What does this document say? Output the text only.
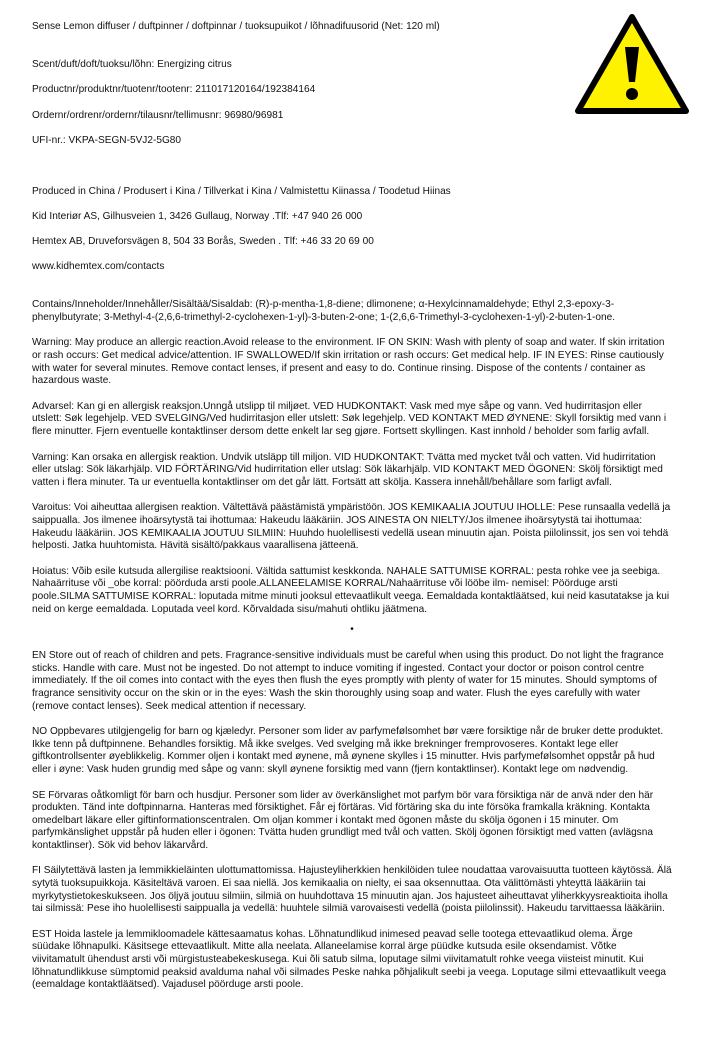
Sense Lemon diffuser / duftpinner / doftpinnar / tuoksupuikot / lõhnadifuusorid (Net: 120 ml)

Scent/duft/doft/tuoksu/lõhn: Energizing citrus

Productnr/produktnr/tuotenr/tootenr: 211017120164/192384164

Ordernr/ordrenr/ordernr/tilausnr/tellimusnr: 96980/96981

UFI-nr.: VKPA-SEGN-5VJ2-5G80

Produced in China / Produsert i Kina / Tillverkat i Kina / Valmistettu Kiinassa / Toodetud Hiinas

Kid Interiør AS, Gilhusveien 1, 3426 Gullaug, Norway .Tlf: +47 940 26 000

Hemtex AB, Druveforsvägen 8, 504 33 Borås, Sweden . Tlf: +46 33 20 69 00

www.kidhemtex.com/contacts

Contains/Inneholder/Innehåller/Sisältää/Sisaldab: (R)-p-mentha-1,8-diene; dlimonene; α-Hexylcinnamaldehyde; Ethyl 2,3-epoxy-3-phenylbutyrate; 3-Methyl-4-(2,6,6-trimethyl-2-cyclohexen-1-yl)-3-buten-2-one; 1-(2,6,6-Trimethyl-3-cyclohexen-1-yl)-2-buten-1-one.
Warning: May produce an allergic reaction.Avoid release to the environment. IF ON SKIN: Wash with plenty of soap and water. If skin irritation or rash occurs: Get medical advice/attention. IF SWALLOWED/If skin irritation or rash occurs: Get medical help. IF IN EYES: Rinse cautiously with water for several minutes. Remove contact lenses, if present and easy to do. Continue rinsing. Dispose of the contents / container as hazardous waste.
Advarsel: Kan gi en allergisk reaksjon.Unngå utslipp til miljøet. VED HUDKONTAKT: Vask med mye såpe og vann. Ved hudirritasjon eller utslett: Søk legehjelp. VED SVELGING/Ved hudirritasjon eller utslett: Søk legehjelp. VED KONTAKT MED ØYNENE: Skyll forsiktig med vann i flere minutter. Fjern eventuelle kontaktlinser dersom dette enkelt lar seg gjøre. Fortsett skyllingen. Kast innhold / beholder som farlig avfall.
Varning: Kan orsaka en allergisk reaktion. Undvik utsläpp till miljon. VID HUDKONTAKT: Tvätta med mycket tvål och vatten. Vid hudirritation eller utslag: Sök läkarhjälp. VID FÖRTÄRING/Vid hudirritation eller utslag: Sök läkarhjälp. VID KONTAKT MED ÖGONEN: Skölj försiktigt med vatten i flera minuter. Ta ur eventuella kontaktlinser om det går lätt. Fortsätt att skölja. Kassera innehåll/behållare som farligt avfall.
Varoitus: Voi aiheuttaa allergisen reaktion. Vältettävä päästämistä ympäristöön. JOS KEMIKAALIA JOUTUU IHOLLE: Pese runsaalla vedellä ja saippualla. Jos ilmenee ihoärsytystä tai ihottumaa: Hakeudu lääkäriin. JOS AINESTA ON NIELTY/Jos ilmenee ihoärsytystä tai ihottumaa: Hakeudu lääkäriin. JOS KEMIKAALIA JOUTUU SILMIIN: Huuhdo huolellisesti vedellä usean minuutin ajan. Poista piilolinssit, jos sen voi tehdä helposti. Jatka huuhtomista. Hävitä sisältö/pakkaus vaarallisena jätteenä.
Hoiatus: Võib esile kutsuda allergilise reaktsiooni. Vältida sattumist keskkonda. NAHALE SATTUMISE KORRAL: pesta rohke vee ja seebiga. Nahaärrituse või _obe korral: pöörduda arsti poole.ALLANEELAMISE KORRAL/Nahaärrituse või lööbe ilm- nemisel: Pöörduge arsti poole.SILMA SATTUMISE KORRAL: loputada mitme minuti jooksul ettevaatlikult veega. Eemaldada kontaktläätsed, kui neid kasutatakse ja kui neid on kerge eemaldada. Loputada veel kord. Kõrvaldada sisu/mahuti ohtliku jäätmena.
•
EN Store out of reach of children and pets. Fragrance-sensitive individuals must be careful when using this product. Do not light the fragrance sticks. Handle with care. Must not be ingested. Do not attempt to induce vomiting if ingested. Contact your doctor or poison control centre immediately. If the oil comes into contact with the eyes then flush the eyes promptly with plenty of water for 15 minutes. Should symptoms of fragrance sensitivity occur on the skin or in the eyes: Wash the skin thoroughly using soap and water. Flush the eyes carefully with water (remove contact lenses). Seek medical attention if necessary.
NO Oppbevares utilgjengelig for barn og kjæledyr. Personer som lider av parfymefølsomhet bør være forsiktige når de bruker dette produktet. Ikke tenn på duftpinnene. Behandles forsiktig. Må ikke svelges. Ved svelging må ikke brekninger fremprovoseres. Kontakt lege eller giftkontrollsenter øyeblikkelig. Kommer oljen i kontakt med øynene, må øynene skylles i 15 minutter. Hvis parfymefølsomhet oppstår på hud eller i øyne: Vask huden grundig med såpe og vann: skyll øynene forsiktig med vann (fjern kontaktlinser). Kontakt lege om nødvendig.
SE Förvaras oåtkomligt för barn och husdjur. Personer som lider av överkänslighet mot parfym bör vara försiktiga när de anvä nder den här produkten. Tänd inte doftpinnarna. Hanteras med försiktighet. Får ej förtäras. Vid förtäring ska du inte försöka framkalla kräkning. Kontakta omedelbart läkare eller giftinformationscentralen. Om oljan kommer i kontakt med ögonen måste du skölja ögonen i 15 minuter. Om parfymkänslighet uppstår på huden eller i ögonen: Tvätta huden grundligt med tvål och vatten. Skölj ögonen försiktigt med vatten (avlägsna kontaktlinser). Sök vid behov läkarvård.
FI Säilytettävä lasten ja lemmikkieläinten ulottumattomissa. Hajusteyliherkkien henkilöiden tulee noudattaa varovaisuutta tuotteen käytössä. Älä sytytä tuoksupuikkoja. Käsiteltävä varoen. Ei saa niellä. Jos kemikaalia on nielty, ei saa oksennuttaa. Ota välittömästi yhteyttä lääkäriin tai myrkytystietokeskukseen. Jos öljyä joutuu silmiin, silmiä on huuhdottava 15 minuutin ajan. Jos hajusteet aiheuttavat yliherkkyysreaktioita iholla tai silmissä: Pese iho huolellisesti saippualla ja vedellä: huuhtele silmiä varovaisesti vedellä (poista piilolinssit). Hakeudu tarvittaessa lääkäriin.
EST Hoida lastele ja lemmikloomadele kättesaamatus kohas. Lõhnatundlikud inimesed peavad selle tootega ettevaatlikud olema. Ärge süüdake lõhnapulki. Käsitsege ettevaatlikult. Mitte alla neelata. Allaneelamise korral ärge püüdke kutsuda esile oksendamist. Võtke viivitamatult ühendust arsti või mürgistusteabekeskusega. Kui õli satub silma, loputage silmi viivitamatult rohke veega viisteist minutit. Kui lõhnatundlikkuse sümptomid peaksid avalduma nahal või silmades Peske nahka põhjalikult seebi ja veega. Loputage silmi ettevaatlikult veega (eemaldage kontaktläätsed). Vajadusel pöörduge arsti poole.
